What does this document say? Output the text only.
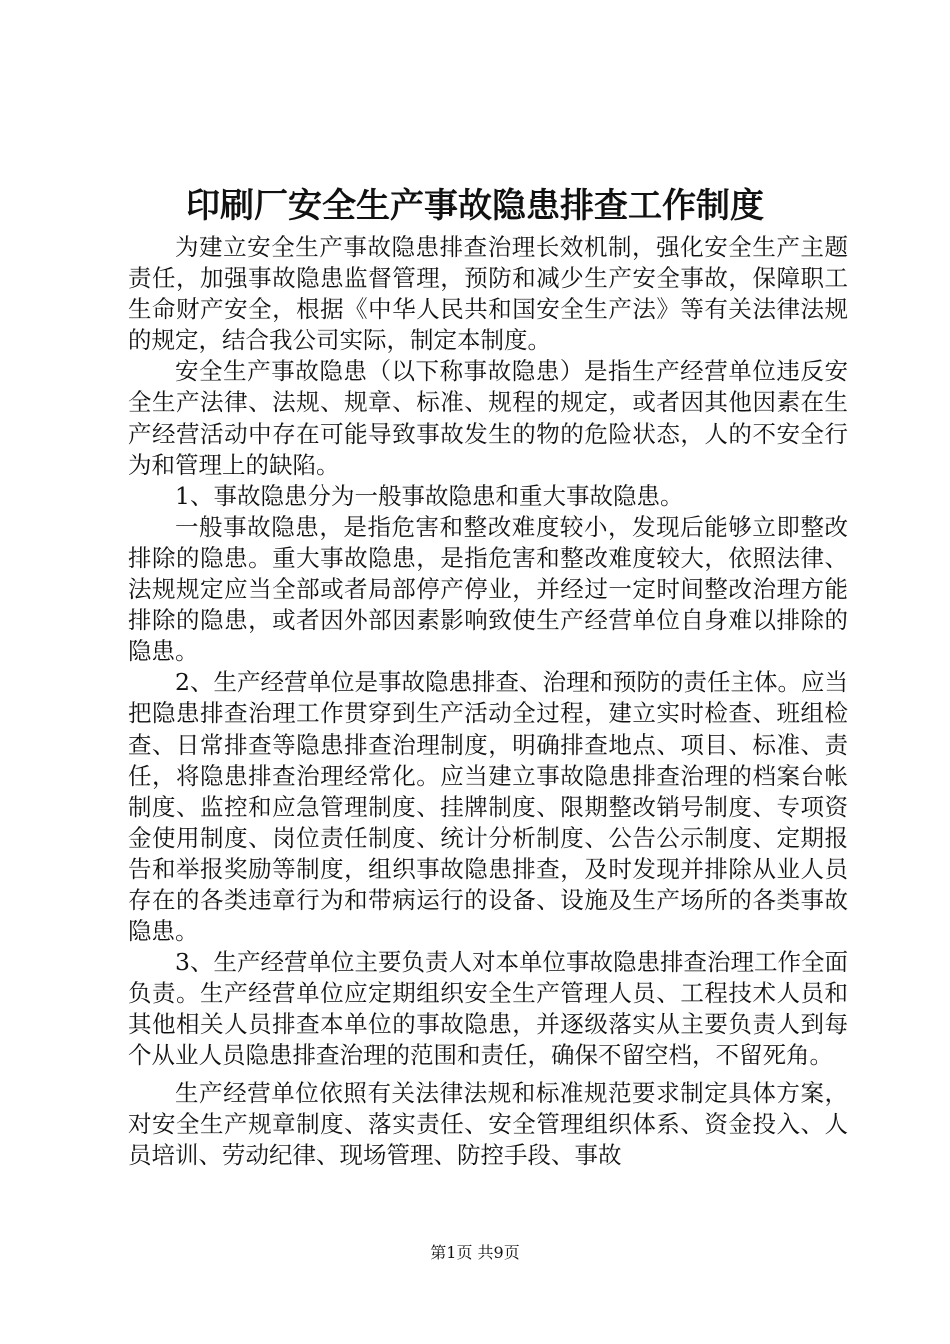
印刷厂安全生产事故隐患排查工作制度

为建立安全生产事故隐患排查治理长效机制，强化安全生产主题责任，加强事故隐患监督管理，预防和减少生产安全事故，保障职工生命财产安全，根据《中华人民共和国安全生产法》等有关法律法规的规定，结合我公司实际，制定本制度。

安全生产事故隐患（以下称事故隐患）是指生产经营单位违反安全生产法律、法规、规章、标准、规程的规定，或者因其他因素在生产经营活动中存在可能导致事故发生的物的危险状态，人的不安全行为和管理上的缺陷。

1、事故隐患分为一般事故隐患和重大事故隐患。

一般事故隐患，是指危害和整改难度较小，发现后能够立即整改排除的隐患。重大事故隐患，是指危害和整改难度较大，依照法律、法规规定应当全部或者局部停产停业，并经过一定时间整改治理方能排除的隐患，或者因外部因素影响致使生产经营单位自身难以排除的隐患。

2、生产经营单位是事故隐患排查、治理和预防的责任主体。应当把隐患排查治理工作贯穿到生产活动全过程，建立实时检查、班组检查、日常排查等隐患排查治理制度，明确排查地点、项目、标准、责任，将隐患排查治理经常化。应当建立事故隐患排查治理的档案台帐制度、监控和应急管理制度、挂牌制度、限期整改销号制度、专项资金使用制度、岗位责任制度、统计分析制度、公告公示制度、定期报告和举报奖励等制度，组织事故隐患排查，及时发现并排除从业人员存在的各类违章行为和带病运行的设备、设施及生产场所的各类事故隐患。

3、生产经营单位主要负责人对本单位事故隐患排查治理工作全面负责。生产经营单位应定期组织安全生产管理人员、工程技术人员和其他相关人员排查本单位的事故隐患，并逐级落实从主要负责人到每个从业人员隐患排查治理的范围和责任，确保不留空档，不留死角。

生产经营单位依照有关法律法规和标准规范要求制定具体方案，对安全生产规章制度、落实责任、安全管理组织体系、资金投入、人员培训、劳动纪律、现场管理、防控手段、事故

第1页 共9页
